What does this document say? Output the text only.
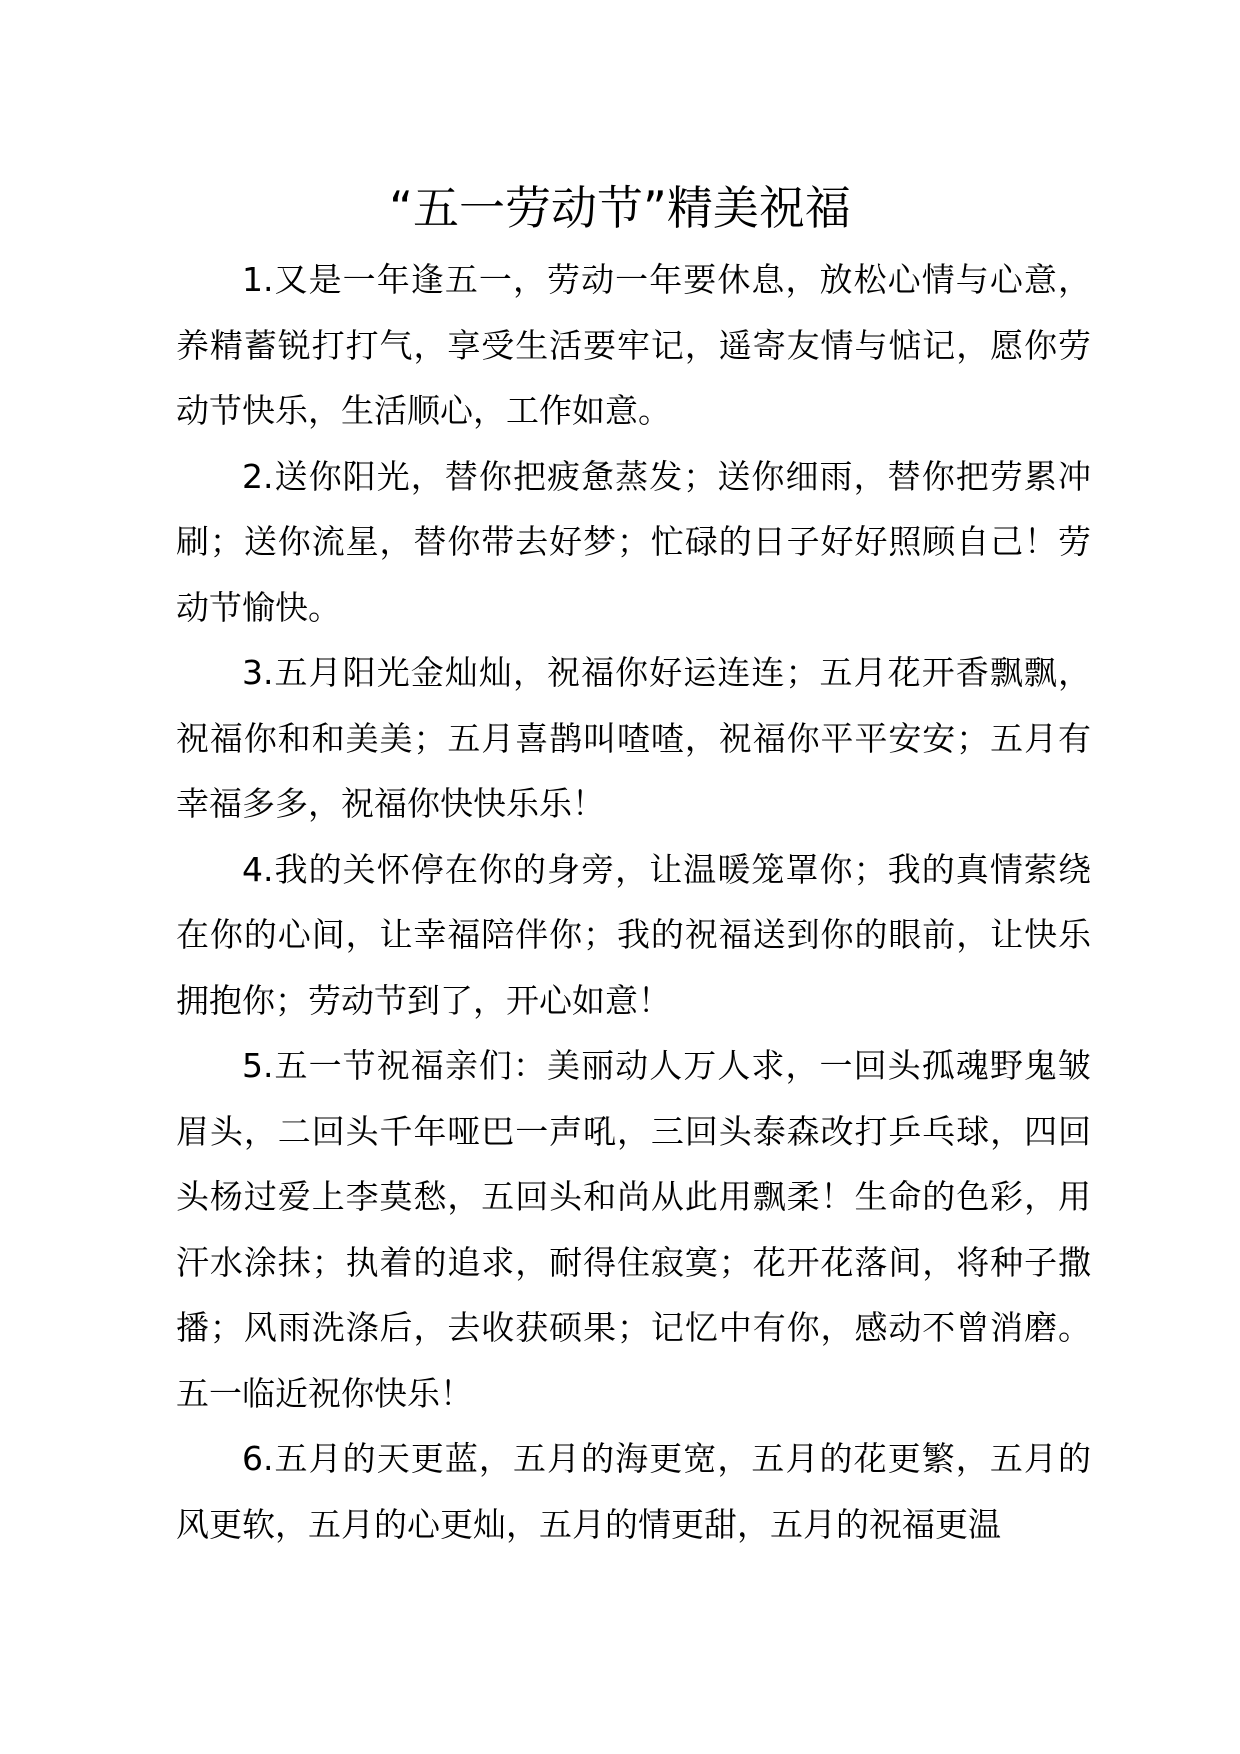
“五一劳动节”精美祝福

1.又是一年逢五一，劳动一年要休息，放松心情与心意，养精蓄锐打打气，享受生活要牢记，遥寄友情与惦记，愿你劳动节快乐，生活顺心，工作如意。

2.送你阳光，替你把疲惫蒸发；送你细雨，替你把劳累冲刷；送你流星，替你带去好梦；忙碌的日子好好照顾自己！劳动节愉快。

3.五月阳光金灿灿，祝福你好运连连；五月花开香飘飘，祝福你和和美美；五月喜鹊叫喳喳，祝福你平平安安；五月有幸福多多，祝福你快快乐乐！

4.我的关怀停在你的身旁，让温暖笼罩你；我的真情萦绕在你的心间，让幸福陪伴你；我的祝福送到你的眼前，让快乐拥抱你；劳动节到了，开心如意！

5.五一节祝福亲们：美丽动人万人求，一回头孤魂野鬼皱眉头，二回头千年哑巴一声吼，三回头泰森改打乒乓球，四回头杨过爱上李莫愁，五回头和尚从此用飘柔！生命的色彩，用汗水涂抹；执着的追求，耐得住寂寞；花开花落间，将种子撒播；风雨洗涤后，去收获硕果；记忆中有你，感动不曾消磨。五一临近祝你快乐！

6.五月的天更蓝，五月的海更宽，五月的花更繁，五月的风更软，五月的心更灿，五月的情更甜，五月的祝福更温
